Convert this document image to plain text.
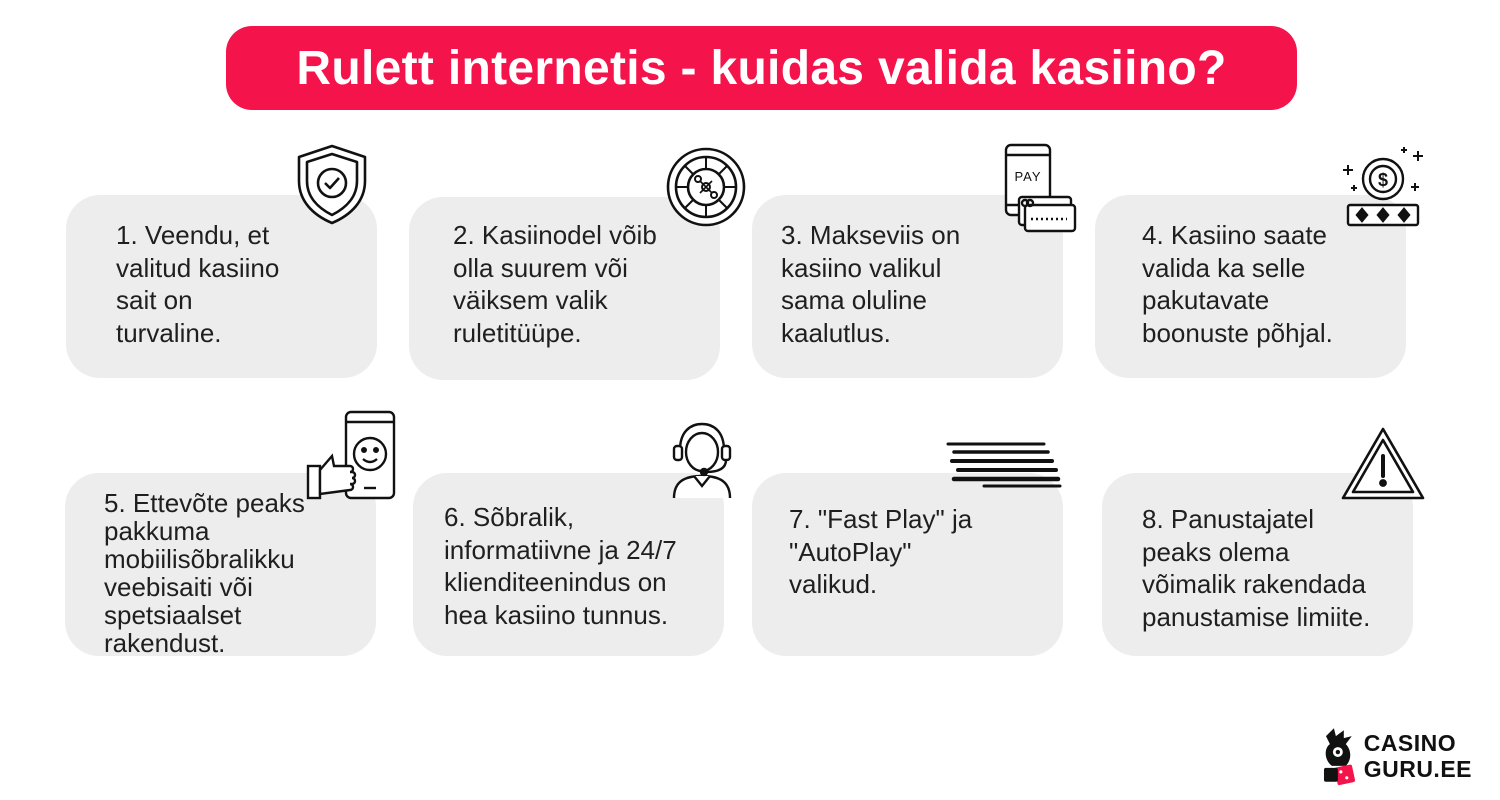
Rulett internetis - kuidas valida kasiino?

1. Veendu, et
valitud kasiino
sait on
turvaline.

2. Kasiinodel võib
olla suurem või
väiksem valik
ruletitüüpe.

3. Makseviis on
kasiino valikul
sama oluline
kaalutlus.

PAY

4. Kasiino saate
valida ka selle
pakutavate
boonuste põhjal.

$

5. Ettevõte peaks
pakkuma
mobiilisõbralikku
veebisaiti või
spetsiaalset
rakendust.

6. Sõbralik,
informatiivne ja 24/7
klienditeenindus on
hea kasiino tunnus.

7. "Fast Play" ja
"AutoPlay"
valikud.

8. Panustajatel
peaks olema
võimalik rakendada
panustamise limiite.

CASINO
GURU.EE
